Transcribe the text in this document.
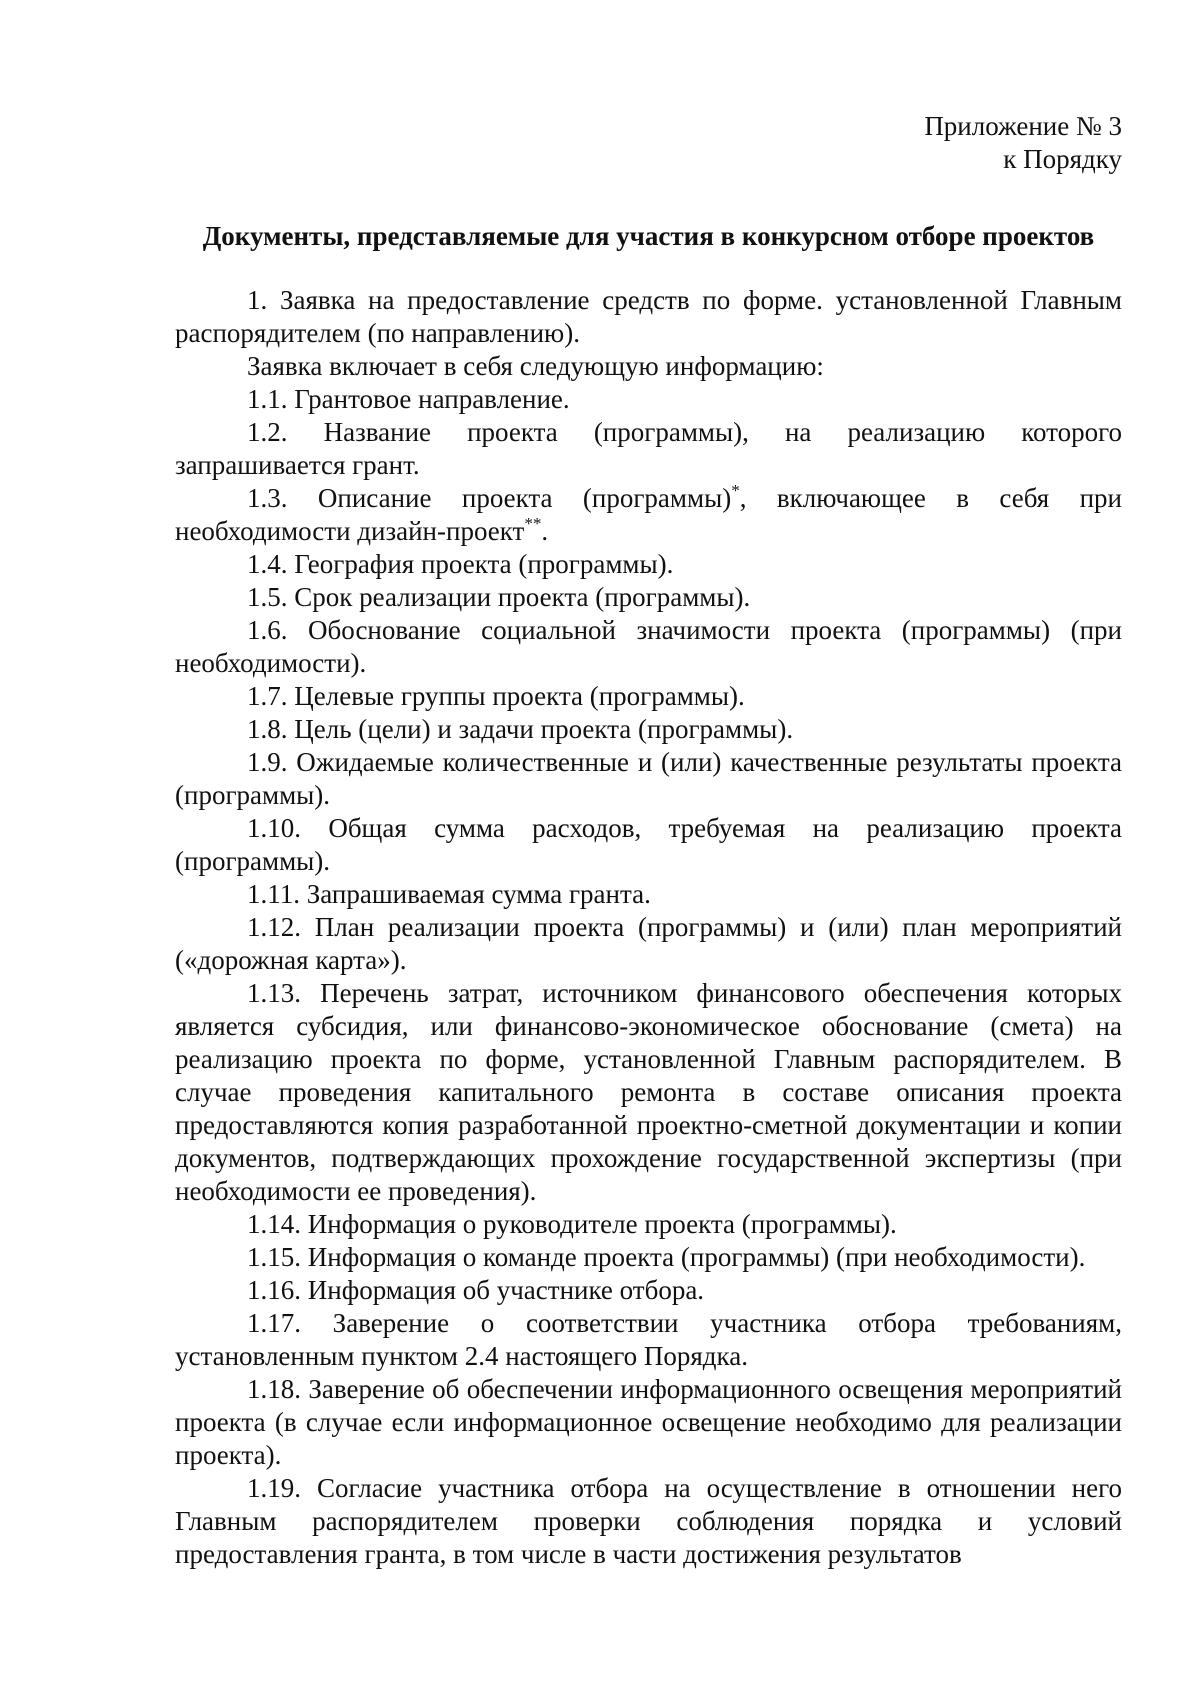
Приложение № 3
к Порядку
Документы, представляемые для участия в конкурсном отборе проектов

1. Заявка на предоставление средств по форме. установленной Главным распорядителем (по направлению).

Заявка включает в себя следующую информацию:

1.1. Грантовое направление.

1.2. Название проекта (программы), на реализацию которого запрашивается грант.

1.3. Описание проекта (программы)*, включающее в себя при необходимости дизайн-проект**.

1.4. География проекта (программы).

1.5. Срок реализации проекта (программы).

1.6. Обоснование социальной значимости проекта (программы) (при необходимости).

1.7. Целевые группы проекта (программы).

1.8. Цель (цели) и задачи проекта (программы).

1.9. Ожидаемые количественные и (или) качественные результаты проекта (программы).

1.10. Общая сумма расходов, требуемая на реализацию проекта (программы).

1.11. Запрашиваемая сумма гранта.

1.12. План реализации проекта (программы) и (или) план мероприятий («дорожная карта»).

1.13. Перечень затрат, источником финансового обеспечения которых является субсидия, или финансово-экономическое обоснование (смета) на реализацию проекта по форме, установленной Главным распорядителем. В случае проведения капитального ремонта в составе описания проекта предоставляются копия разработанной проектно-сметной документации и копии документов, подтверждающих прохождение государственной экспертизы (при необходимости ее проведения).

1.14. Информация о руководителе проекта (программы).

1.15. Информация о команде проекта (программы) (при необходимости).

1.16. Информация об участнике отбора.

1.17. Заверение о соответствии участника отбора требованиям, установленным пунктом 2.4 настоящего Порядка.

1.18. Заверение об обеспечении информационного освещения мероприятий проекта (в случае если информационное освещение необходимо для реализации проекта).

1.19. Согласие участника отбора на осуществление в отношении него Главным распорядителем проверки соблюдения порядка и условий предоставления гранта, в том числе в части достижения результатов
